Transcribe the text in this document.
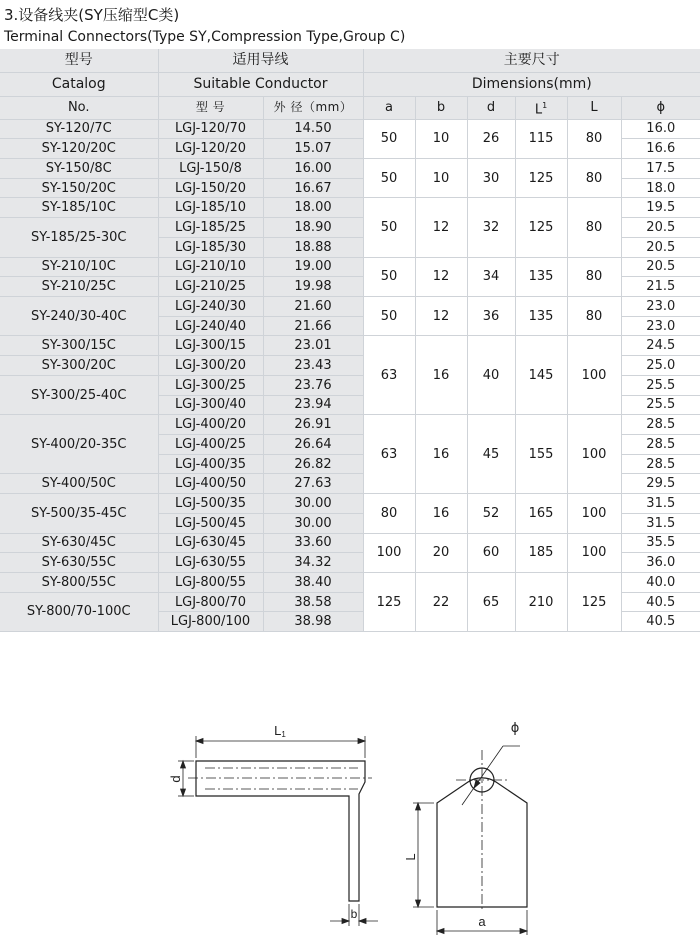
3.设备线夹(SY压缩型C类)
Terminal Connectors(Type SY,Compression Type,Group C)
型号	适用导线		主要尺寸					
Catalog	Suitable Conductor		Dimensions(mm)					
No.	型 号	外 径（mm）	a	b	d	$L^1$	L	ϕ
SY-120/7C	LGJ-120/70	14.50	50	10	26	115	80	16.0
SY-120/20C	LGJ-120/20	15.07						16.6
SY-150/8C	LGJ-150/8	16.00	50	10	30	125	80	17.5
SY-150/20C	LGJ-150/20	16.67						18.0
SY-185/10C	LGJ-185/10	18.00	50	12	32	125	80	19.5
SY-185/25-30C	LGJ-185/25	18.90						20.5
	LGJ-185/30	18.88						20.5
SY-210/10C	LGJ-210/10	19.00	50	12	34	135	80	20.5
SY-210/25C	LGJ-210/25	19.98						21.5
SY-240/30-40C	LGJ-240/30	21.60	50	12	36	135	80	23.0
	LGJ-240/40	21.66						23.0
SY-300/15C	LGJ-300/15	23.01	63	16	40	145	100	24.5
SY-300/20C	LGJ-300/20	23.43						25.0
SY-300/25-40C	LGJ-300/25	23.76						25.5
	LGJ-300/40	23.94						25.5
SY-400/20-35C	LGJ-400/20	26.91	63	16	45	155	100	28.5
	LGJ-400/25	26.64						28.5
	LGJ-400/35	26.82						28.5
SY-400/50C	LGJ-400/50	27.63						29.5
SY-500/35-45C	LGJ-500/35	30.00	80	16	52	165	100	31.5
	LGJ-500/45	30.00						31.5
SY-630/45C	LGJ-630/45	33.60	100	20	60	185	100	35.5
SY-630/55C	LGJ-630/55	34.32						36.0
SY-800/55C	LGJ-800/55	38.40	125	22	65	210	125	40.0
SY-800/70-100C	LGJ-800/70	38.58						40.5
	LGJ-800/100	38.98						40.5
L1
d
b
ϕ
L
a
